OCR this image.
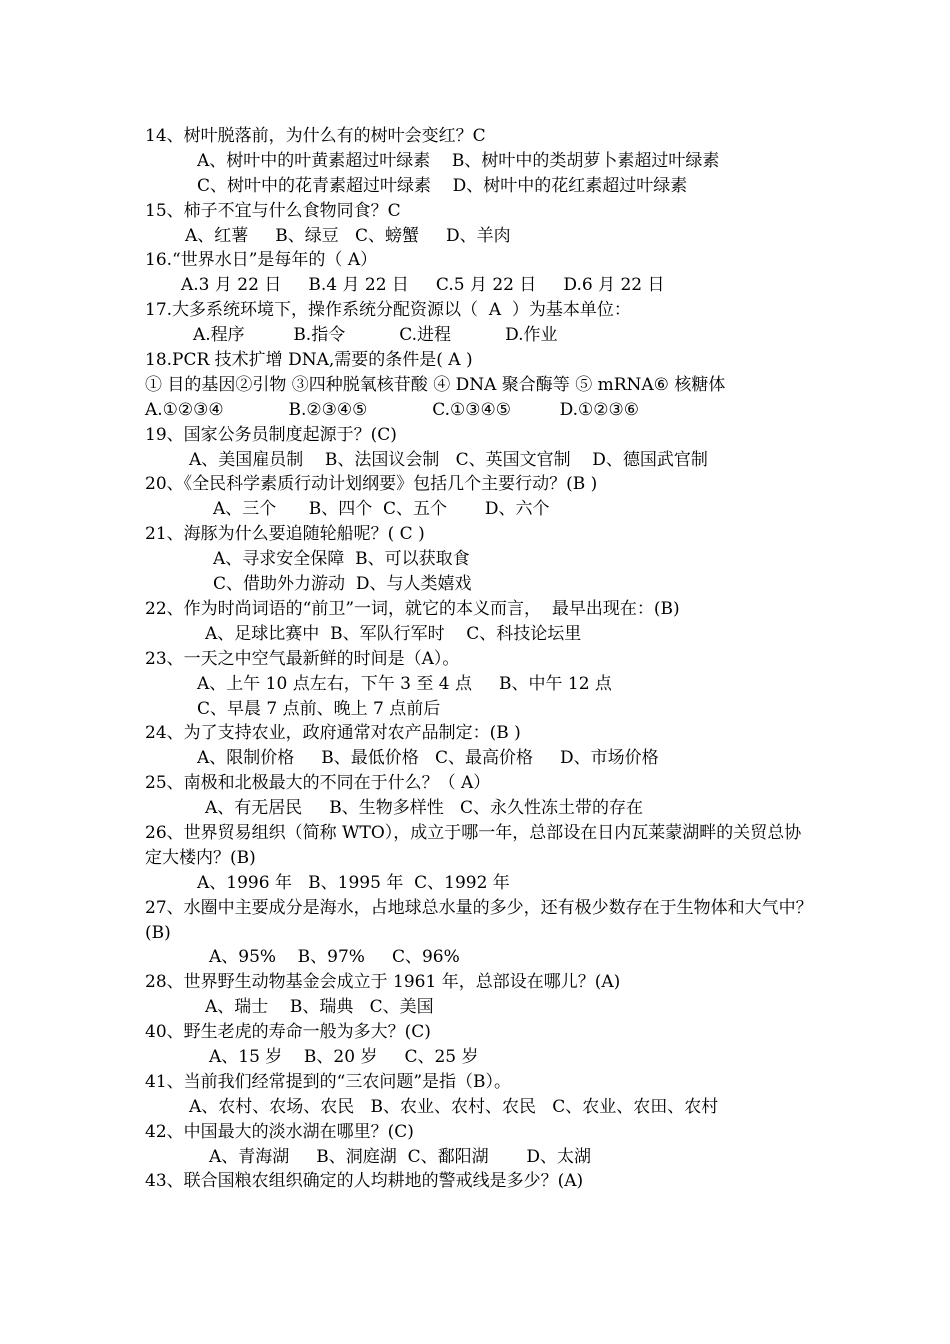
14、树叶脱落前，为什么有的树叶会变红？C
A、树叶中的叶黄素超过叶绿素    B、树叶中的类胡萝卜素超过叶绿素
C、树叶中的花青素超过叶绿素    D、树叶中的花红素超过叶绿素
15、柿子不宜与什么食物同食？C
A、红薯     B、绿豆   C、螃蟹     D、羊肉
16.“世界水日”是每年的（ A）
A.3 月 22 日     B.4 月 22 日     C.5 月 22 日     D.6 月 22 日
17.大多系统环境下，操作系统分配资源以（  A  ）为基本单位：
A.程序         B.指令          C.进程          D.作业
18.PCR 技术扩增 DNA,需要的条件是( A )
① 目的基因②引物 ③四种脱氧核苷酸 ④ DNA 聚合酶等 ⑤ mRNA⑥ 核糖体
A.①②③④            B.②③④⑤            C.①③④⑤         D.①②③⑥
19、国家公务员制度起源于？(C)
A、美国雇员制    B、法国议会制   C、英国文官制    D、德国武官制
20、《全民科学素质行动计划纲要》包括几个主要行动？(B )
A、三个      B、四个  C、五个       D、六个
21、海豚为什么要追随轮船呢？( C )
A、寻求安全保障  B、可以获取食
C、借助外力游动  D、与人类嬉戏
22、作为时尚词语的“前卫”一词，就它的本义而言，  最早出现在：(B)
A、足球比赛中  B、军队行军时    C、科技论坛里
23、一天之中空气最新鲜的时间是（A）。
A、上午 10 点左右，下午 3 至 4 点     B、中午 12 点
C、早晨 7 点前、晚上 7 点前后
24、为了支持农业，政府通常对农产品制定：(B )
A、限制价格     B、最低价格   C、最高价格     D、市场价格
25、南极和北极最大的不同在于什么？（ A）
A、有无居民     B、生物多样性   C、永久性冻土带的存在
26、世界贸易组织（简称 WTO），成立于哪一年，总部设在日内瓦莱蒙湖畔的关贸总协定大楼内？(B)
A、1996 年   B、1995 年  C、1992 年
27、水圈中主要成分是海水，占地球总水量的多少，还有极少数存在于生物体和大气中？(B)
A、95%    B、97%     C、96%
28、世界野生动物基金会成立于 1961 年，总部设在哪儿？(A)
A、瑞士    B、瑞典   C、美国
40、野生老虎的寿命一般为多大？(C)
A、15 岁    B、20 岁     C、25 岁
41、当前我们经常提到的“三农问题”是指（B）。
A、农村、农场、农民   B、农业、农村、农民   C、农业、农田、农村
42、中国最大的淡水湖在哪里？(C)
A、青海湖     B、洞庭湖  C、鄱阳湖       D、太湖
43、联合国粮农组织确定的人均耕地的警戒线是多少？(A)
